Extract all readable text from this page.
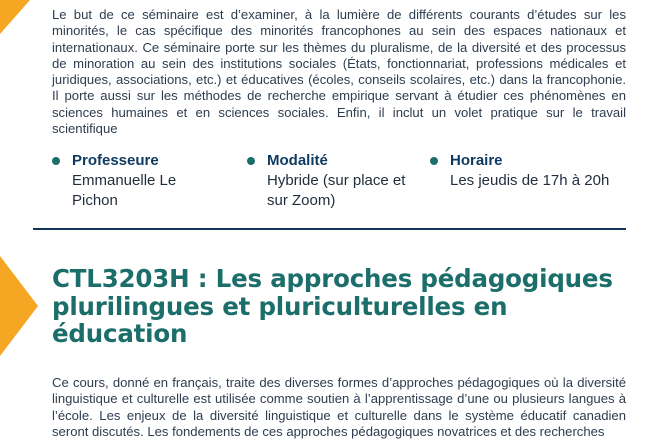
Le but de ce séminaire est d’examiner, à la lumière de différents courants d’études sur les minorités, le cas spécifique des minorités francophones au sein des espaces nationaux et internationaux. Ce séminaire porte sur les thèmes du pluralisme, de la diversité et des processus de minoration au sein des institutions sociales (États, fonctionnariat, professions médicales et juridiques, associations, etc.) et éducatives (écoles, conseils scolaires, etc.) dans la francophonie. Il porte aussi sur les méthodes de recherche empirique servant à étudier ces phénomènes en sciences humaines et en sciences sociales. Enfin, il inclut un volet pratique sur le travail scientifique

Professeure
Emmanuelle Le Pichon
Modalité
Hybride (sur place et sur Zoom)
Horaire
Les jeudis de 17h à 20h
CTL3203H : Les approches pédagogiques plurilingues et pluriculturelles en éducation

Ce cours, donné en français, traite des diverses formes d’approches pédagogiques où la diversité linguistique et culturelle est utilisée comme soutien à l’apprentissage d’une ou plusieurs langues à l’école. Les enjeux de la diversité linguistique et culturelle dans le système éducatif canadien seront discutés. Les fondements de ces approches pédagogiques novatrices et des recherches
